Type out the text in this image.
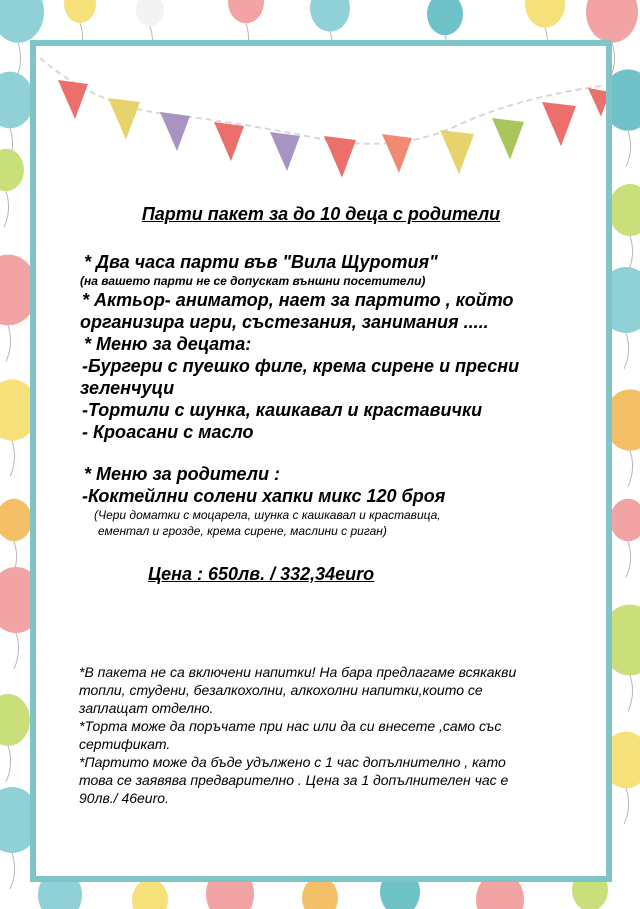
Парти пакет за до 10 деца с родители
* Два часа парти във "Вила Щуротия"
(на вашето парти не се допускат външни посетители)
* Актьор- аниматор, нает за партито , който
организира игри, състезания, занимания .....
* Меню за децата:
-Бургери с пуешко филе, крема сирене и пресни
зеленчуци
-Тортили с шунка, кашкавал и краставички
- Кроасани с масло
* Меню за родители :
-Коктейлни солени хапки микс 120 броя
(Чери доматки с моцарела, шунка с кашкавал и краставица,
ементал и грозде, крема сирене, маслини с риган)
Цена : 650лв. / 332,34euro
*В пакета не са включени напитки! На бара предлагаме всякакви
топли, студени, безалкохолни, алкохолни напитки,които се
заплащат отделно.
*Торта може да поръчате при нас или да си внесете ,само със
сертификат.
*Партито може да бъде удължено с 1 час допълнително , като
това се заявява предварително . Цена за 1 допълнителен час е
90лв./ 46euro.
